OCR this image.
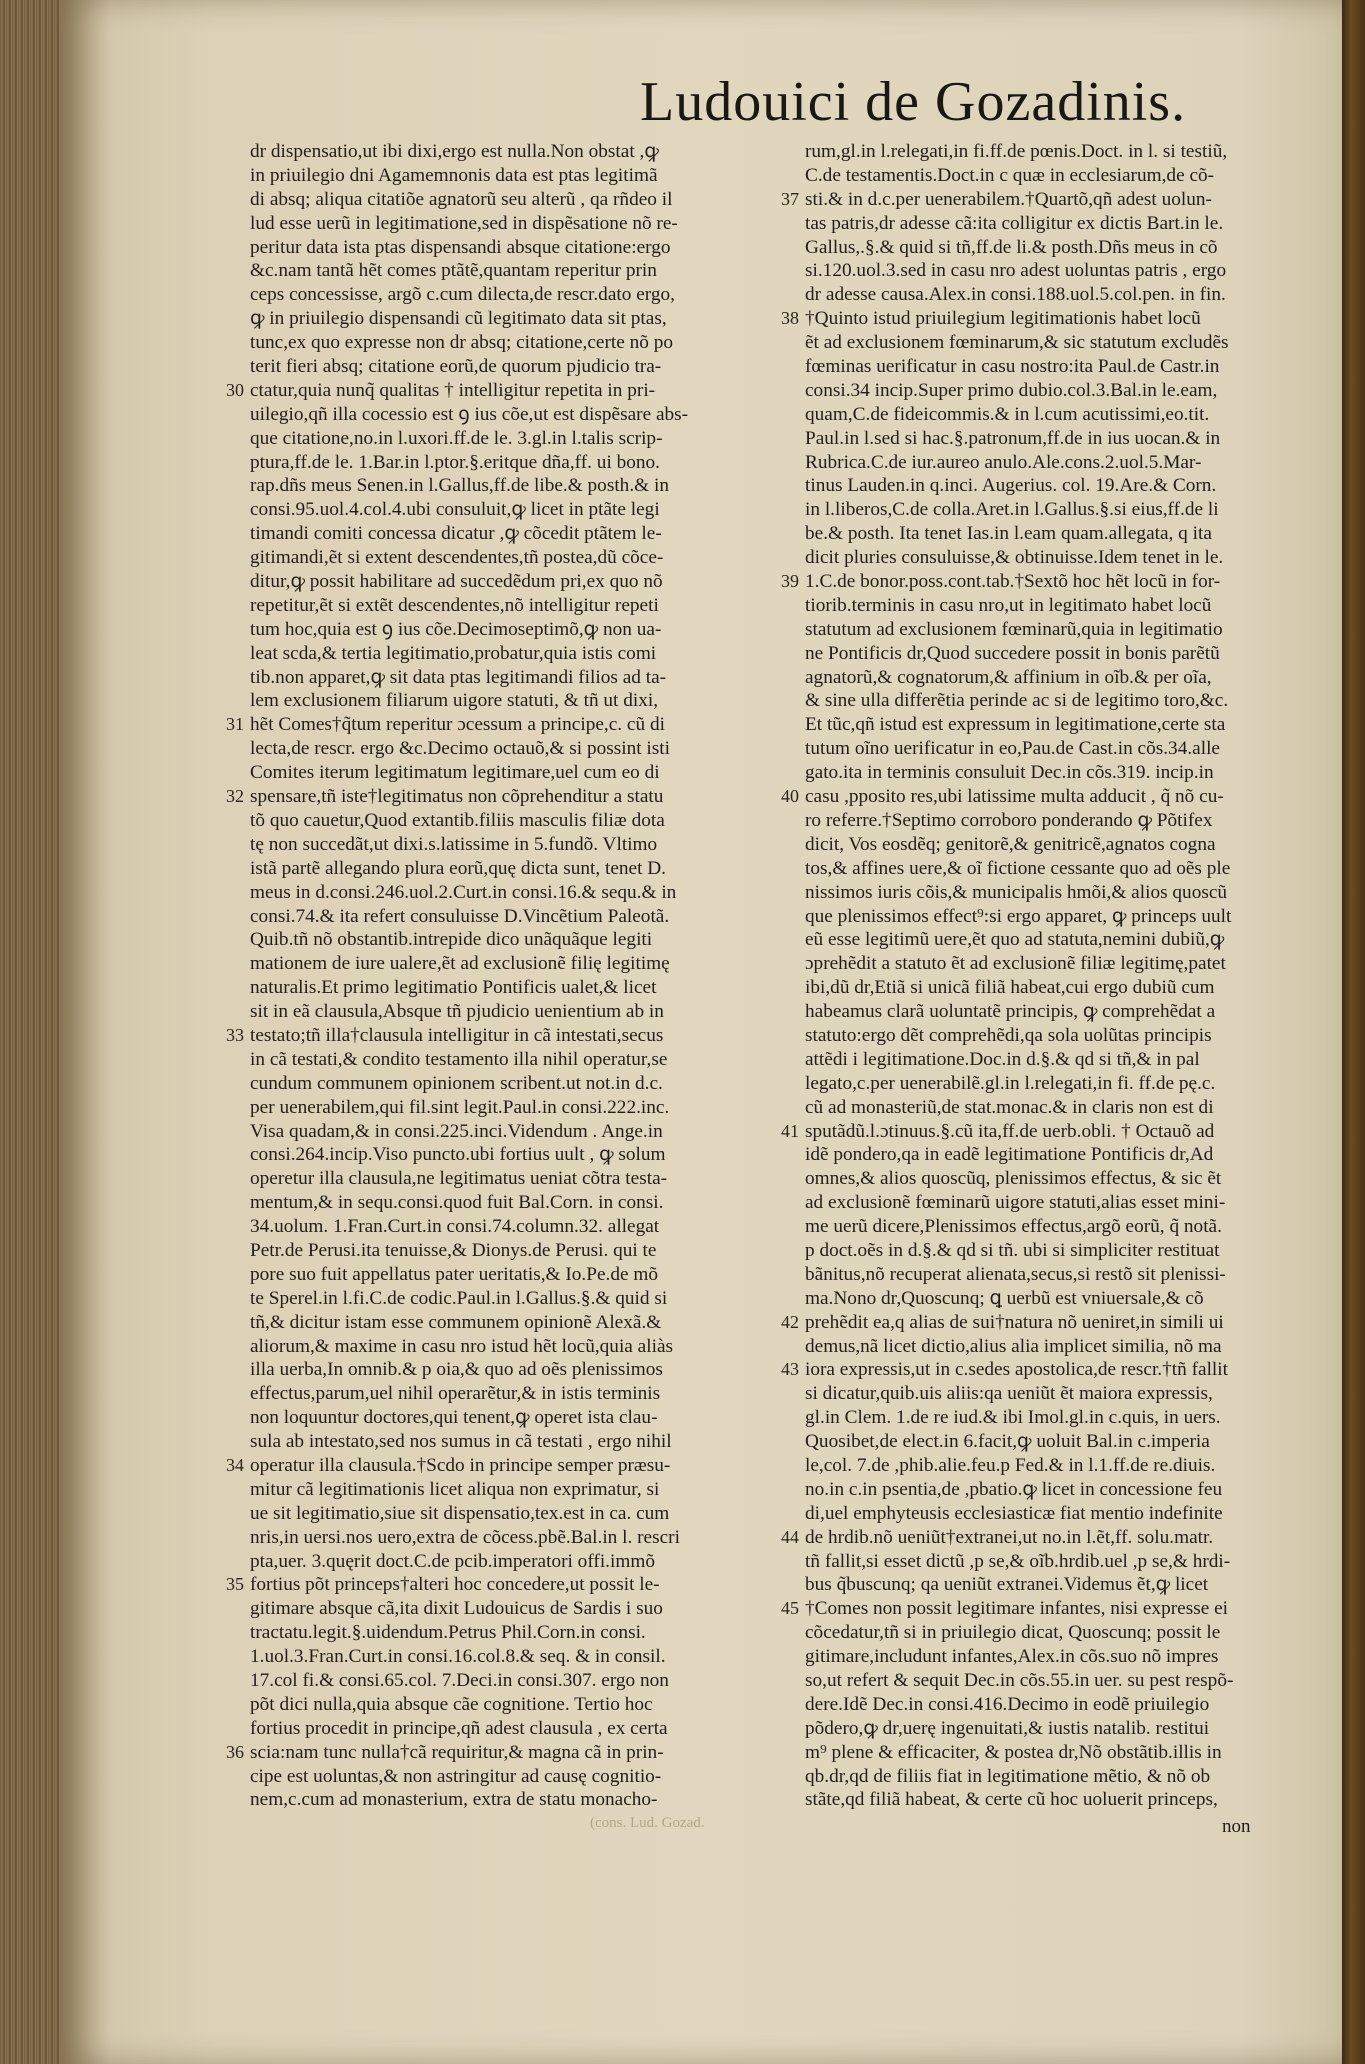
Ludouici de Gozadinis.
dr dispensatio,ut ibi dixi,ergo est nulla.Non obstat ,ꝙ
in priuilegio dni Agamemnonis data est ptas legitimã
di absq; aliqua citatiõe agnatorũ seu alterũ , qa rñdeo il
lud esse uerũ in legitimatione,sed in dispẽsatione nõ re-
peritur data ista ptas dispensandi absque citatione:ergo
&c.nam tantã hẽt comes ptãtẽ,quantam reperitur prin
ceps concessisse, argõ c.cum dilecta,de rescr.dato ergo,
ꝙ in priuilegio dispensandi cũ legitimato data sit ptas,
tunc,ex quo expresse non dr absq; citatione,certe nõ po
terit fieri absq; citatione eorũ,de quorum pjudicio tra-
30 ctatur,quia nunq̃ qualitas † intelligitur repetita in pri-
uilegio,qñ illa cocessio est ꝯ ius cõe,ut est dispẽsare abs-
que citatione,no.in l.uxori.ff.de le. 3.gl.in l.talis scrip-
ptura,ff.de le. 1.Bar.in l.ptor.§.eritque dña,ff. ui bono.
rap.dñs meus Senen.in l.Gallus,ff.de libe.& posth.& in
consi.95.uol.4.col.4.ubi consuluit,ꝙ licet in ptãte legi
timandi comiti concessa dicatur ,ꝙ cõcedit ptãtem le-
gitimandi,ẽt si extent descendentes,tñ postea,dũ cõce-
ditur,ꝙ possit habilitare ad succedẽdum pri,ex quo nõ
repetitur,ẽt si extẽt descendentes,nõ intelligitur repeti
tum hoc,quia est ꝯ ius cõe.Decimoseptimõ,ꝙ non ua-
leat scda,& tertia legitimatio,probatur,quia istis comi
tib.non apparet,ꝙ sit data ptas legitimandi filios ad ta-
lem exclusionem filiarum uigore statuti, & tñ ut dixi,
31 hẽt Comes†q̃tum reperitur ɔcessum a principe,c. cũ di
lecta,de rescr. ergo &c.Decimo octauõ,& si possint isti
Comites iterum legitimatum legitimare,uel cum eo di
32 spensare,tñ iste†legitimatus non cõprehenditur a statu
tõ quo cauetur,Quod extantib.filiis masculis filiæ dota
tę non succedãt,ut dixi.s.latissime in 5.fundõ. Vltimo
istã partẽ allegando plura eorũ,quę dicta sunt, tenet D.
meus in d.consi.246.uol.2.Curt.in consi.16.& sequ.& in
consi.74.& ita refert consuluisse D.Vincẽtium Paleotã.
Quib.tñ nõ obstantib.intrepide dico unãquãque legiti
mationem de iure ualere,ẽt ad exclusionẽ filię legitimę
naturalis.Et primo legitimatio Pontificis ualet,& licet
sit in eã clausula,Absque tñ pjudicio uenientium ab in
33 testato;tñ illa†clausula intelligitur in cã intestati,secus
in cã testati,& condito testamento illa nihil operatur,se
cundum communem opinionem scribent.ut not.in d.c.
per uenerabilem,qui fil.sint legit.Paul.in consi.222.inc.
Visa quadam,& in consi.225.inci.Videndum . Ange.in
consi.264.incip.Viso puncto.ubi fortius uult , ꝙ solum
operetur illa clausula,ne legitimatus ueniat cõtra testa-
mentum,& in sequ.consi.quod fuit Bal.Corn. in consi.
34.uolum. 1.Fran.Curt.in consi.74.column.32. allegat
Petr.de Perusi.ita tenuisse,& Dionys.de Perusi. qui te
pore suo fuit appellatus pater ueritatis,& Io.Pe.de mõ
te Sperel.in l.fi.C.de codic.Paul.in l.Gallus.§.& quid si
tñ,& dicitur istam esse communem opinionẽ Alexã.&
aliorum,& maxime in casu nro istud hẽt locũ,quia aliàs
illa uerba,In omnib.& p oia,& quo ad oẽs plenissimos
effectus,parum,uel nihil operarẽtur,& in istis terminis
non loquuntur doctores,qui tenent,ꝙ operet ista clau-
sula ab intestato,sed nos sumus in cã testati , ergo nihil
34 operatur illa clausula.†Scdo in principe semper præsu-
mitur cã legitimationis licet aliqua non exprimatur, si
ue sit legitimatio,siue sit dispensatio,tex.est in ca. cum
nris,in uersi.nos uero,extra de cõcess.pbẽ.Bal.in l. rescri
pta,uer. 3.quęrit doct.C.de pcib.imperatori offi.immõ
35 fortius põt princeps†alteri hoc concedere,ut possit le-
gitimare absque cã,ita dixit Ludouicus de Sardis i suo
tractatu.legit.§.uidendum.Petrus Phil.Corn.in consi.
1.uol.3.Fran.Curt.in consi.16.col.8.& seq. & in consil.
17.col fi.& consi.65.col. 7.Deci.in consi.307. ergo non
põt dici nulla,quia absque cãe cognitione. Tertio hoc
fortius procedit in principe,qñ adest clausula , ex certa
36 scia:nam tunc nulla†cã requiritur,& magna cã in prin-
cipe est uoluntas,& non astringitur ad causę cognitio-
nem,c.cum ad monasterium, extra de statu monacho-
rum,gl.in l.relegati,in fi.ff.de pœnis.Doct. in l. si testiũ,
C.de testamentis.Doct.in c quæ in ecclesiarum,de cõ-
37 sti.& in d.c.per uenerabilem.†Quartõ,qñ adest uolun-
tas patris,dr adesse cã:ita colligitur ex dictis Bart.in le.
Gallus,.§.& quid si tñ,ff.de li.& posth.Dñs meus in cõ
si.120.uol.3.sed in casu nro adest uoluntas patris , ergo
dr adesse causa.Alex.in consi.188.uol.5.col.pen. in fin.
38 †Quinto istud priuilegium legitimationis habet locũ
ẽt ad exclusionem fœminarum,& sic statutum excludẽs
fœminas uerificatur in casu nostro:ita Paul.de Castr.in
consi.34 incip.Super primo dubio.col.3.Bal.in le.eam,
quam,C.de fideicommis.& in l.cum acutissimi,eo.tit.
Paul.in l.sed si hac.§.patronum,ff.de in ius uocan.& in
Rubrica.C.de iur.aureo anulo.Ale.cons.2.uol.5.Mar-
tinus Lauden.in q.inci. Augerius. col. 19.Are.& Corn.
in l.liberos,C.de colla.Aret.in l.Gallus.§.si eius,ff.de li
be.& posth. Ita tenet Ias.in l.eam quam.allegata, q ita
dicit pluries consuluisse,& obtinuisse.Idem tenet in le.
39 1.C.de bonor.poss.cont.tab.†Sextõ hoc hẽt locũ in for-
tiorib.terminis in casu nro,ut in legitimato habet locũ
statutum ad exclusionem fœminarũ,quia in legitimatio
ne Pontificis dr,Quod succedere possit in bonis parẽtũ
agnatorũ,& cognatorum,& affinium in oĩb.& per oĩa,
& sine ulla differẽtia perinde ac si de legitimo toro,&c.
Et tũc,qñ istud est expressum in legitimatione,certe sta
tutum oĩno uerificatur in eo,Pau.de Cast.in cõs.34.alle
gato.ita in terminis consuluit Dec.in cõs.319. incip.in
40 casu ,pposito res,ubi latissime multa adducit , q̃ nõ cu-
ro referre.†Septimo corroboro ponderando ꝙ Põtifex
dicit, Vos eosdẽq; genitorẽ,& genitricẽ,agnatos cogna
tos,& affines uere,& oĩ fictione cessante quo ad oẽs ple
nissimos iuris cõis,& municipalis hmõi,& alios quoscũ
que plenissimos effect⁹:si ergo apparet, ꝙ princeps uult
eũ esse legitimũ uere,ẽt quo ad statuta,nemini dubiũ,ꝙ
ɔprehẽdit a statuto ẽt ad exclusionẽ filiæ legitimę,patet
ibi,dũ dr,Etiã si unicã filiã habeat,cui ergo dubiũ cum
habeamus clarã uoluntatẽ principis, ꝙ comprehẽdat a
statuto:ergo dẽt comprehẽdi,qa sola uolũtas principis
attẽdi i legitimatione.Doc.in d.§.& qd si tñ,& in pal
legato,c.per uenerabilẽ.gl.in l.relegati,in fi. ff.de pę.c.
cũ ad monasteriũ,de stat.monac.& in claris non est di
41 sputãdũ.l.ɔtinuus.§.cũ ita,ff.de uerb.obli. † Octauõ ad
idẽ pondero,qa in eadẽ legitimatione Pontificis dr,Ad
omnes,& alios quoscũq, plenissimos effectus, & sic ẽt
ad exclusionẽ fœminarũ uigore statuti,alias esset mini-
me uerũ dicere,Plenissimos effectus,argõ eorũ, q̃ notã.
p doct.oẽs in d.§.& qd si tñ. ubi si simpliciter restituat
bãnitus,nõ recuperat alienata,secus,si restõ sit plenissi-
ma.Nono dr,Quoscunq; ꝗ uerbũ est vniuersale,& cõ
42 prehẽdit ea,q alias de sui†natura nõ ueniret,in simili ui
demus,nã licet dictio,alius alia implicet similia, nõ ma
43 iora expressis,ut in c.sedes apostolica,de rescr.†tñ fallit
si dicatur,quib.uis aliis:qa ueniũt ẽt maiora expressis,
gl.in Clem. 1.de re iud.& ibi Imol.gl.in c.quis, in uers.
Quosibet,de elect.in 6.facit,ꝙ uoluit Bal.in c.imperia
le,col. 7.de ,phib.alie.feu.p Fed.& in l.1.ff.de re.diuis.
no.in c.in psentia,de ,pbatio.ꝙ licet in concessione feu
di,uel emphyteusis ecclesiasticæ fiat mentio indefinite
44 de hrdib.nõ ueniũt†extranei,ut no.in l.ẽt,ff. solu.matr.
tñ fallit,si esset dictũ ,p se,& oĩb.hrdib.uel ,p se,& hrdi-
bus q̃buscunq; qa ueniũt extranei.Videmus ẽt,ꝙ licet
45 †Comes non possit legitimare infantes, nisi expresse ei
cõcedatur,tñ si in priuilegio dicat, Quoscunq; possit le
gitimare,includunt infantes,Alex.in cõs.suo nõ impres
so,ut refert & sequit Dec.in cõs.55.in uer. su pest respõ-
dere.Idẽ Dec.in consi.416.Decimo in eodẽ priuilegio
põdero,ꝙ dr,uerę ingenuitati,& iustis natalib. restitui
m⁹ plene & efficaciter, & postea dr,Nõ obstãtib.illis in
qb.dr,qd de filiis fiat in legitimatione mẽtio, & nõ ob
stãte,qd filiã habeat, & certe cũ hoc uoluerit princeps,
(cons. Lud. Gozad.	non
